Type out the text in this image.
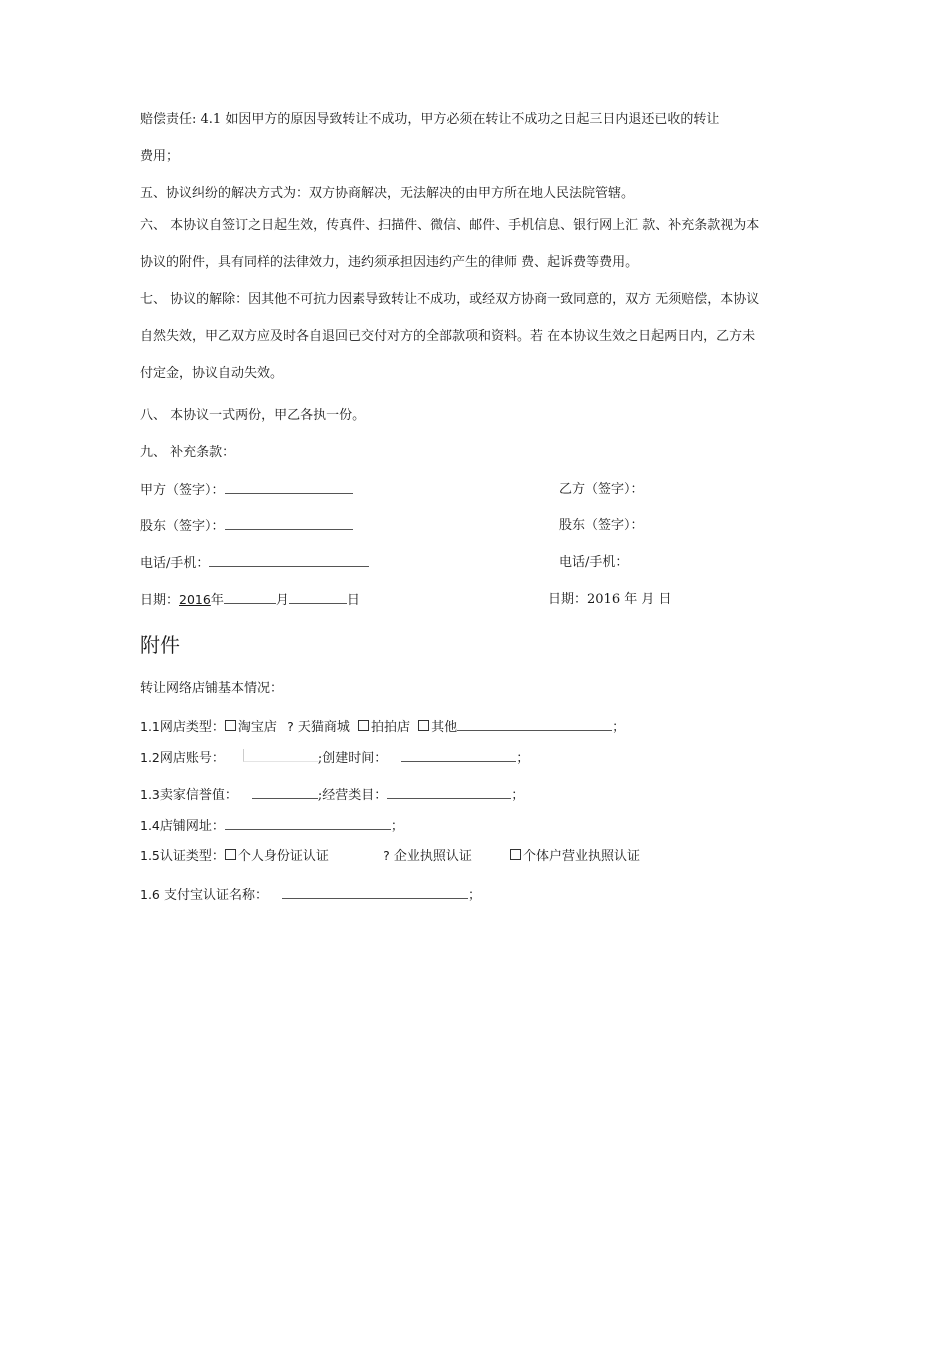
赔偿责任: 4.1 如因甲方的原因导致转让不成功，甲方必须在转让不成功之日起三日内退还已收的转让
费用；
五、协议纠纷的解决方式为：双方协商解决，无法解决的由甲方所在地人民法院管辖。
六、 本协议自签订之日起生效，传真件、扫描件、微信、邮件、手机信息、银行网上汇 款、补充条款视为本
协议的附件，具有同样的法律效力，违约须承担因违约产生的律师 费、起诉费等费用。
七、 协议的解除：因其他不可抗力因素导致转让不成功，或经双方协商一致同意的，双方 无须赔偿，本协议
自然失效，甲乙双方应及时各自退回已交付对方的全部款项和资料。若 在本协议生效之日起两日内，乙方未
付定金，协议自动失效。
八、 本协议一式两份，甲乙各执一份。
九、 补充条款：
甲方（签字）：	乙方（签字）：
股东（签字）：	股东（签字）：
电话/手机：	电话/手机：
日期：2016年	月	日	日期：2016 年 月 日
附件
转让网络店铺基本情况：
1.1网店类型： 淘宝店 ? 天猫商城 拍拍店 其他	；
1.2网店账号：	;创建时间：	；
1.3卖家信誉值：	;经营类目：	；
1.4店铺网址：	；
1.5认证类型： 个人身份证认证	? 企业执照认证	个体户营业执照认证
1.6 支付宝认证名称：	；
